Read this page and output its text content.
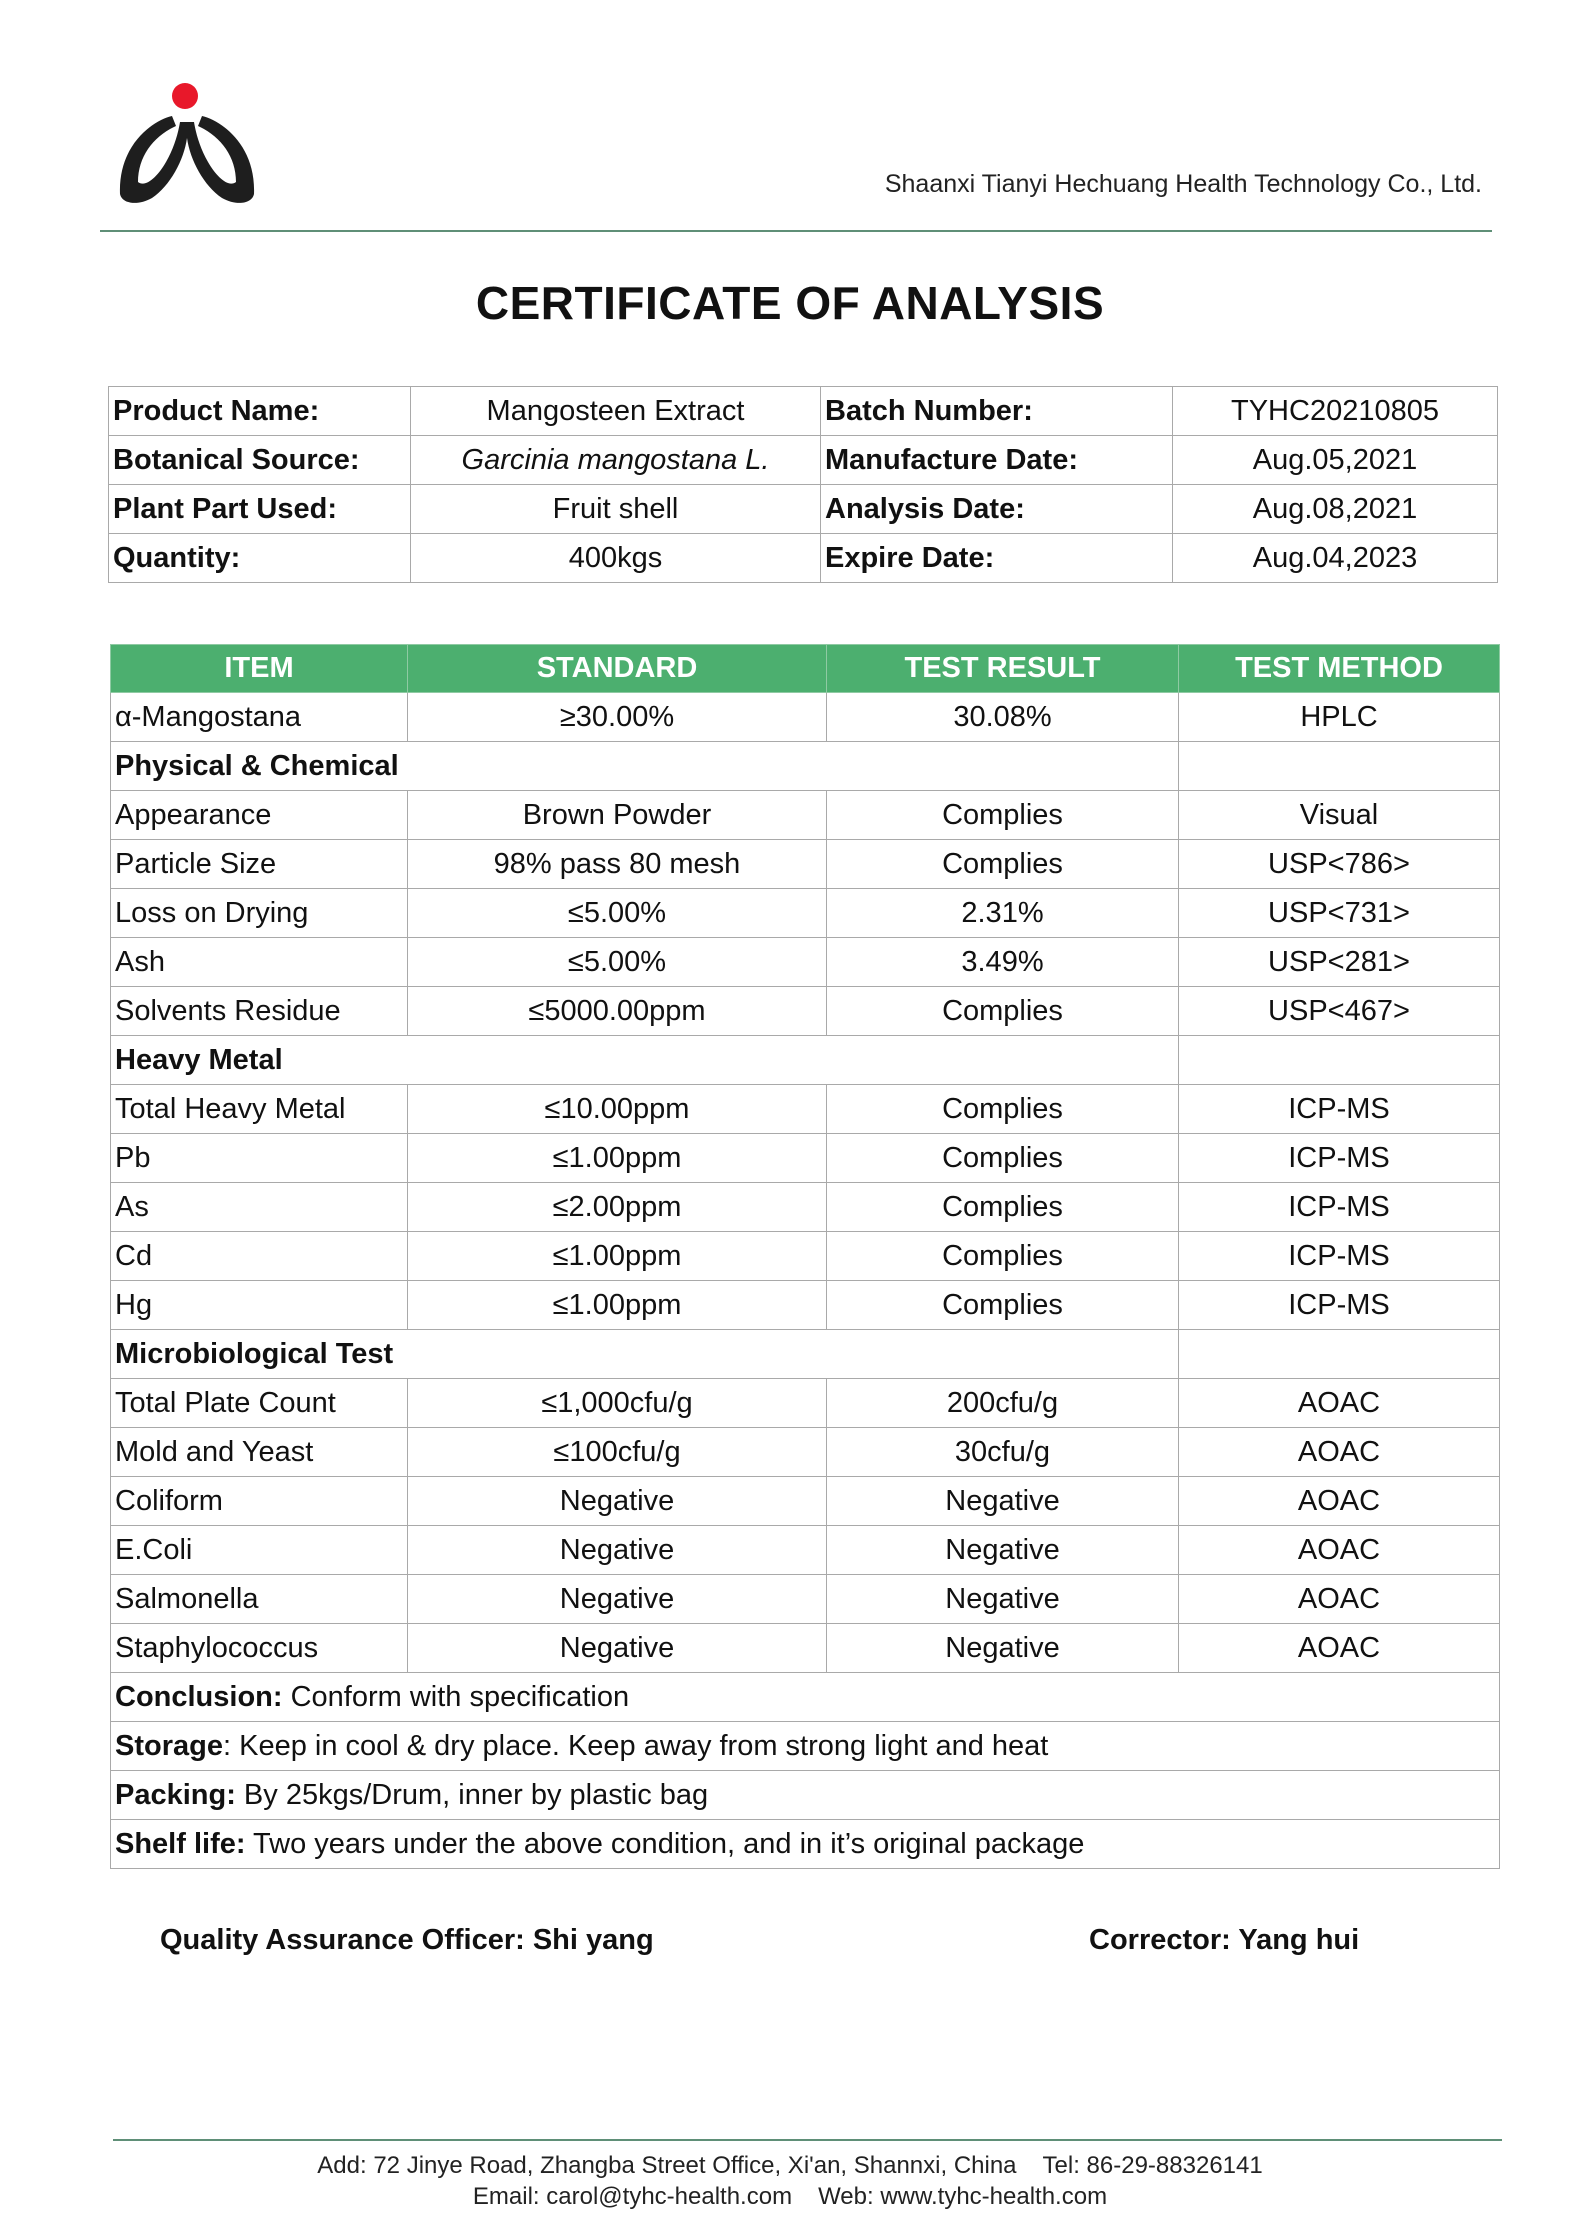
Shaanxi Tianyi Hechuang Health Technology Co., Ltd.
CERTIFICATE OF ANALYSIS
Product Name:	Mangosteen Extract	Batch Number:	TYHC20210805
Botanical Source:	Garcinia mangostana L.	Manufacture Date:	Aug.05,2021
Plant Part Used:	Fruit shell	Analysis Date:	Aug.08,2021
Quantity:	400kgs	Expire Date:	Aug.04,2023
ITEM	STANDARD	TEST RESULT	TEST METHOD
α-Mangostana	≥30.00%	30.08%	HPLC
Physical & Chemical			
Appearance	Brown Powder	Complies	Visual
Particle Size	98% pass 80 mesh	Complies	USP<786>
Loss on Drying	≤5.00%	2.31%	USP<731>
Ash	≤5.00%	3.49%	USP<281>
Solvents Residue	≤5000.00ppm	Complies	USP<467>
Heavy Metal			
Total Heavy Metal	≤10.00ppm	Complies	ICP-MS
Pb	≤1.00ppm	Complies	ICP-MS
As	≤2.00ppm	Complies	ICP-MS
Cd	≤1.00ppm	Complies	ICP-MS
Hg	≤1.00ppm	Complies	ICP-MS
Microbiological Test			
Total Plate Count	≤1,000cfu/g	200cfu/g	AOAC
Mold and Yeast	≤100cfu/g	30cfu/g	AOAC
Coliform	Negative	Negative	AOAC
E.Coli	Negative	Negative	AOAC
Salmonella	Negative	Negative	AOAC
Staphylococcus	Negative	Negative	AOAC
Conclusion: Conform with specification			
Storage: Keep in cool & dry place. Keep away from strong light and heat			
Packing: By 25kgs/Drum, inner by plastic bag			
Shelf life: Two years under the above condition, and in it’s original package			
Quality Assurance Officer: Shi yang	Corrector: Yang hui
Add: 72 Jinye Road, Zhangba Street Office, Xi'an, Shannxi, China Tel: 86-29-88326141
Email: carol@tyhc-health.com Web: www.tyhc-health.com
